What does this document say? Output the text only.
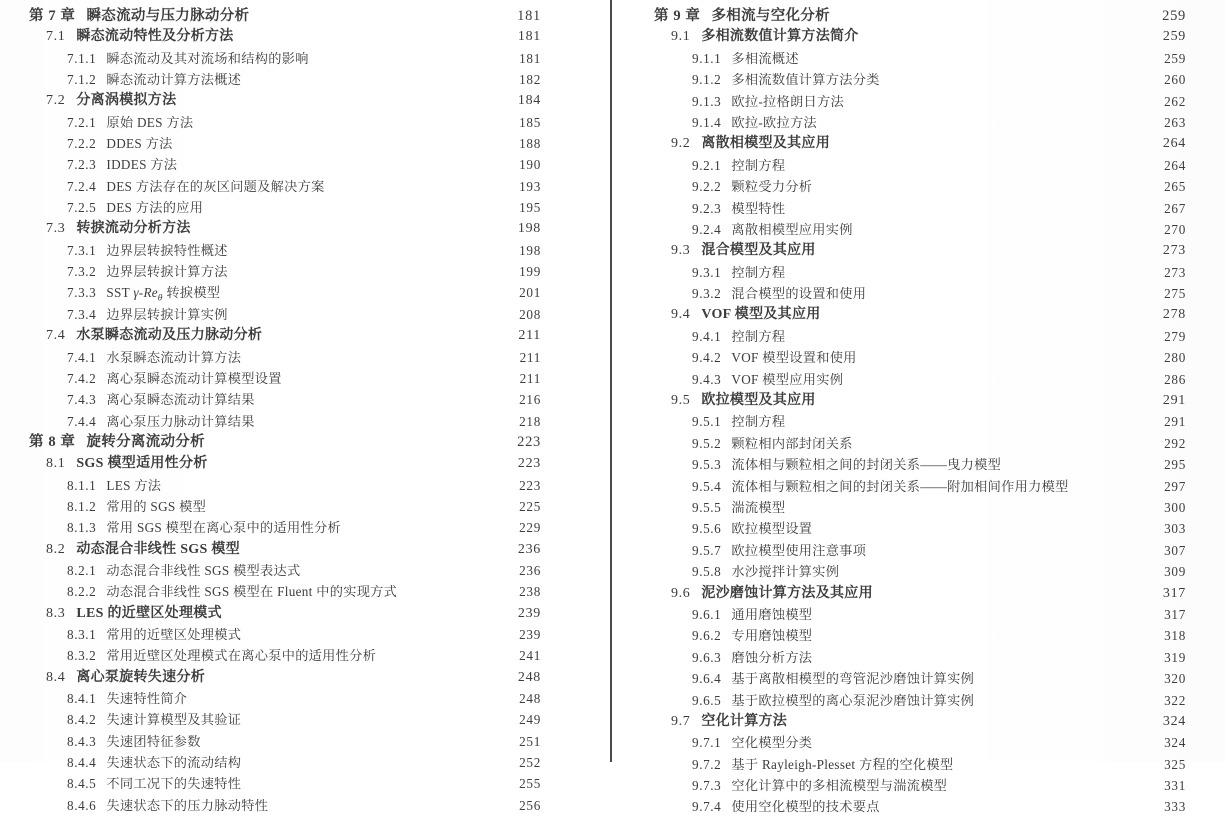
第 7 章 瞬态流动与压力脉动分析 ·····	181
7.1 瞬态流动特性及分析方法 ·····	181
7.1.1 瞬态流动及其对流场和结构的影响 ·····	181
7.1.2 瞬态流动计算方法概述 ·····	182
7.2 分离涡模拟方法 ·····	184
7.2.1 原始 DES 方法 ·····	185
7.2.2 DDES 方法 ·····	188
7.2.3 IDDES 方法 ·····	190
7.2.4 DES 方法存在的灰区问题及解决方案 ·····	193
7.2.5 DES 方法的应用 ·····	195
7.3 转捩流动分析方法 ·····	198
7.3.1 边界层转捩特性概述 ·····	198
7.3.2 边界层转捩计算方法 ·····	199
7.3.3 SST $\gamma-Re_\theta$ 转捩模型 ·····	201
7.3.4 边界层转捩计算实例 ·····	208
7.4 水泵瞬态流动及压力脉动分析 ·····	211
7.4.1 水泵瞬态流动计算方法 ·····	211
7.4.2 离心泵瞬态流动计算模型设置 ·····	211
7.4.3 离心泵瞬态流动计算结果 ·····	216
7.4.4 离心泵压力脉动计算结果 ·····	218
第 8 章 旋转分离流动分析 ·····	223
8.1 SGS 模型适用性分析 ·····	223
8.1.1 LES 方法 ·····	223
8.1.2 常用的 SGS 模型 ·····	225
8.1.3 常用 SGS 模型在离心泵中的适用性分析 ·····	229
8.2 动态混合非线性 SGS 模型 ·····	236
8.2.1 动态混合非线性 SGS 模型表达式 ·····	236
8.2.2 动态混合非线性 SGS 模型在 Fluent 中的实现方式 ·····	238
8.3 LES 的近壁区处理模式 ·····	239
8.3.1 常用的近壁区处理模式 ·····	239
8.3.2 常用近壁区处理模式在离心泵中的适用性分析 ·····	241
8.4 离心泵旋转失速分析 ·····	248
8.4.1 失速特性简介 ·····	248
8.4.2 失速计算模型及其验证 ·····	249
8.4.3 失速团特征参数 ·····	251
8.4.4 失速状态下的流动结构 ·····	252
8.4.5 不同工况下的失速特性 ·····	255
8.4.6 失速状态下的压力脉动特性 ·····	256
第 9 章 多相流与空化分析 ·····	259
9.1 多相流数值计算方法简介 ·····	259
9.1.1 多相流概述 ·····	259
9.1.2 多相流数值计算方法分类 ·····	260
9.1.3 欧拉-拉格朗日方法 ·····	262
9.1.4 欧拉-欧拉方法 ·····	263
9.2 离散相模型及其应用 ·····	264
9.2.1 控制方程 ·····	264
9.2.2 颗粒受力分析 ·····	265
9.2.3 模型特性 ·····	267
9.2.4 离散相模型应用实例 ·····	270
9.3 混合模型及其应用 ·····	273
9.3.1 控制方程 ·····	273
9.3.2 混合模型的设置和使用 ·····	275
9.4 VOF 模型及其应用 ·····	278
9.4.1 控制方程 ·····	279
9.4.2 VOF 模型设置和使用 ·····	280
9.4.3 VOF 模型应用实例 ·····	286
9.5 欧拉模型及其应用 ·····	291
9.5.1 控制方程 ·····	291
9.5.2 颗粒相内部封闭关系 ·····	292
9.5.3 流体相与颗粒相之间的封闭关系——曳力模型 ·····	295
9.5.4 流体相与颗粒相之间的封闭关系——附加相间作用力模型 ·····	297
9.5.5 湍流模型 ·····	300
9.5.6 欧拉模型设置 ·····	303
9.5.7 欧拉模型使用注意事项 ·····	307
9.5.8 水沙搅拌计算实例 ·····	309
9.6 泥沙磨蚀计算方法及其应用 ·····	317
9.6.1 通用磨蚀模型 ·····	317
9.6.2 专用磨蚀模型 ·····	318
9.6.3 磨蚀分析方法 ·····	319
9.6.4 基于离散相模型的弯管泥沙磨蚀计算实例 ·····	320
9.6.5 基于欧拉模型的离心泵泥沙磨蚀计算实例 ·····	322
9.7 空化计算方法 ·····	324
9.7.1 空化模型分类 ·····	324
9.7.2 基于 Rayleigh-Plesset 方程的空化模型 ·····	325
9.7.3 空化计算中的多相流模型与湍流模型 ·····	331
9.7.4 使用空化模型的技术要点 ·····	333
